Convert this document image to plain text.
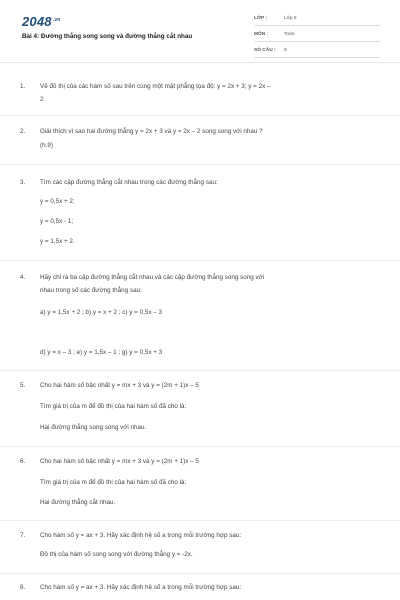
$2048^{.vn}$
Bài 4: Đường thẳng song song và đường thẳng cắt nhau
LỚP :	Lớp 9
MÔN :	Toán
SỐ CÂU : 9
1. Vẽ đồ thị của các hàm số sau trên cùng một mặt phẳng tọa độ: y = 2x + 3; y = 2x –
2
2. Giải thích vì sao hai đường thẳng y = 2x + 3 và y = 2x – 2 song song với nhau ?
(h.9)
3. Tìm các cặp đường thẳng cắt nhau trong các đường thẳng sau:
y = 0,5x + 2;
y = 0,5x - 1;
y = 1,5x + 2.
4. Hãy chỉ ra ba cặp đường thẳng cắt nhau và các cặp đường thẳng song song với
nhau trong số các đường thẳng sau:
a) y = 1,5x + 2 ; b) y = x + 2 ; c) y = 0,5x – 3
d) y = x – 3 ; e) y = 1,5x – 1 ; g) y = 0,5x + 3
5. Cho hai hàm số bậc nhất y = mx + 3 và y = (2m + 1)x – 5
Tìm giá trị của m để đồ thị của hai hàm số đã cho là:
Hai đường thẳng song song với nhau.
6. Cho hai hàm số bậc nhất y = mx + 3 và y = (2m + 1)x – 5
Tìm giá trị của m để đồ thị của hai hàm số đã cho là:
Hai đường thẳng cắt nhau.
7. Cho hàm số y = ax + 3. Hãy xác định hệ số a trong mỗi trường hợp sau:
Đồ thị của hàm số song song với đường thẳng y = -2x.
8. Cho hàm số y = ax + 3. Hãy xác định hệ số a trong mỗi trường hợp sau:
